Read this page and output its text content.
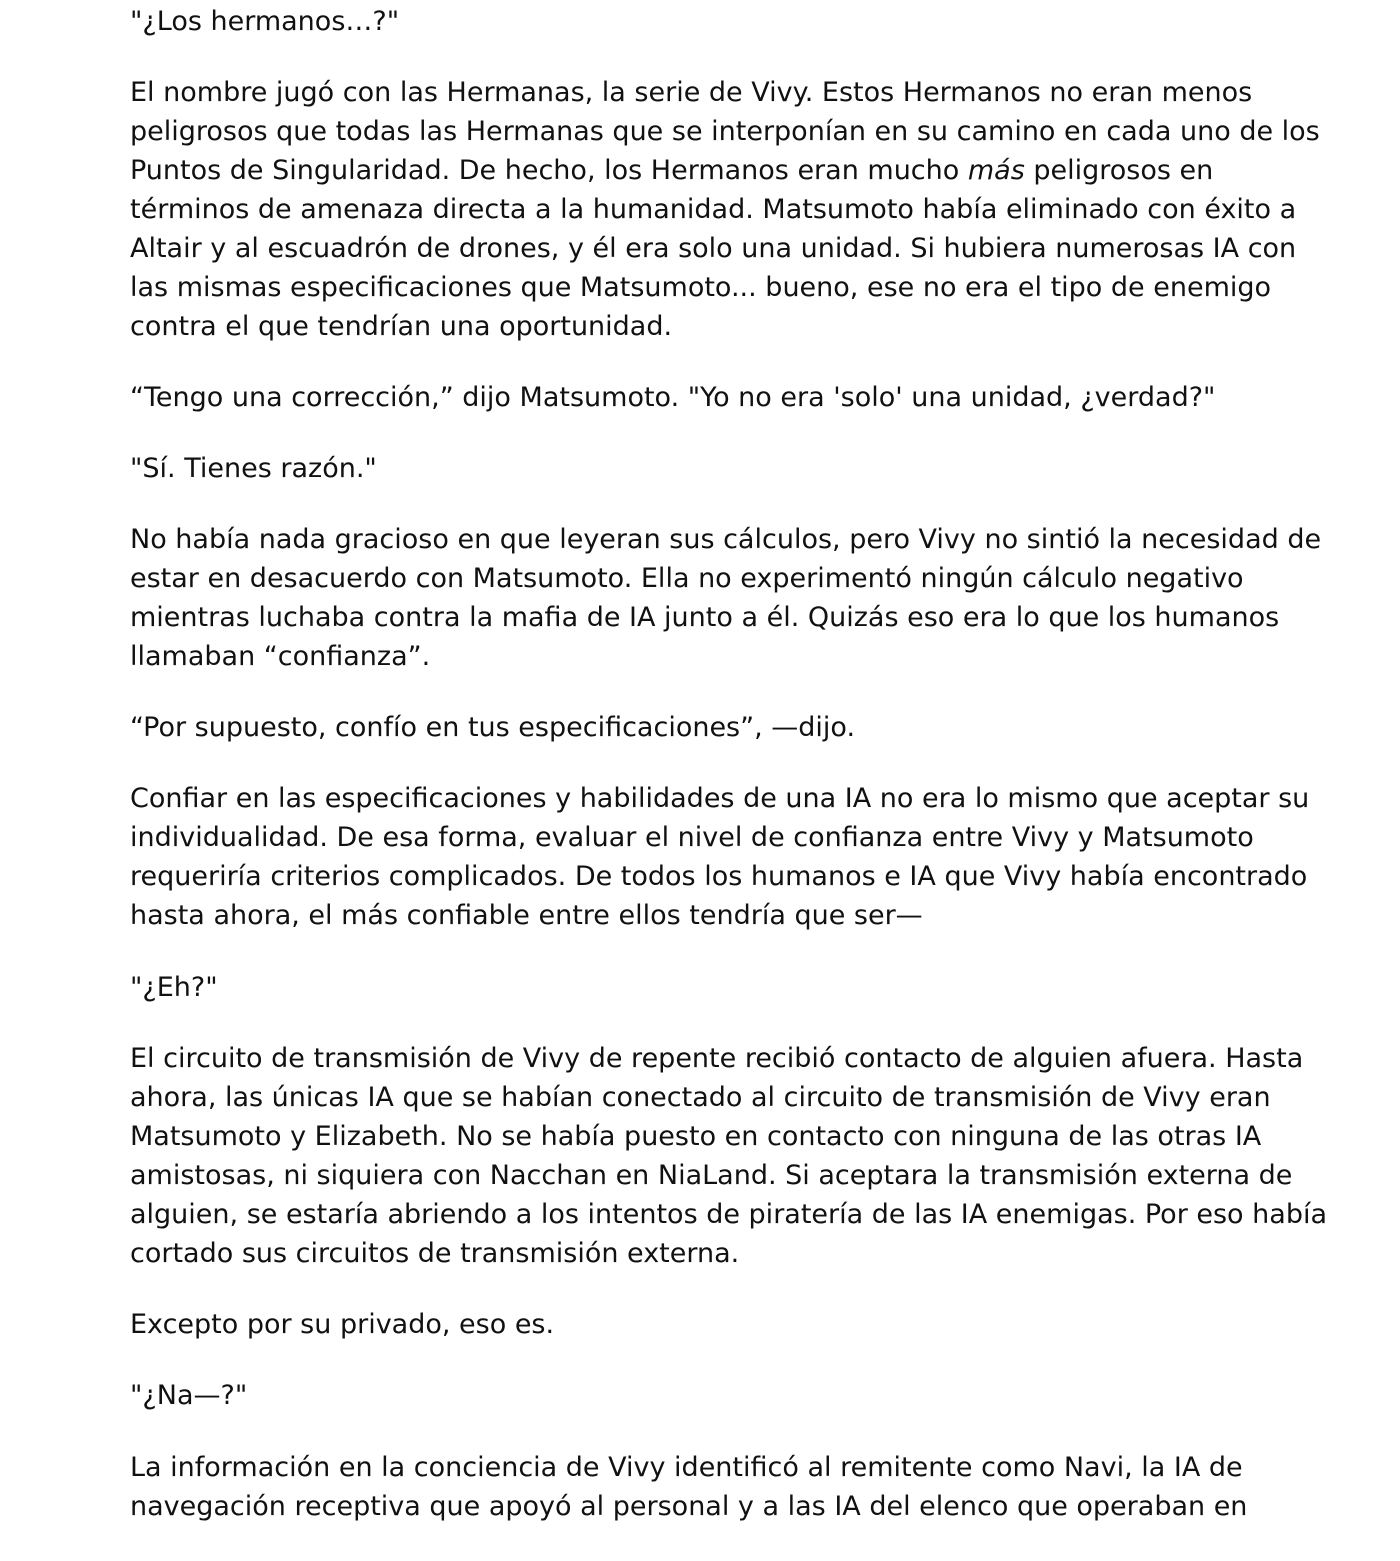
"¿Los hermanos…?"

El nombre jugó con las Hermanas, la serie de Vivy. Estos Hermanos no eran menos
peligrosos que todas las Hermanas que se interponían en su camino en cada uno de los
Puntos de Singularidad. De hecho, los Hermanos eran mucho más peligrosos en
términos de amenaza directa a la humanidad. Matsumoto había eliminado con éxito a
Altair y al escuadrón de drones, y él era solo una unidad. Si hubiera numerosas IA con
las mismas especificaciones que Matsumoto... bueno, ese no era el tipo de enemigo
contra el que tendrían una oportunidad.

“Tengo una corrección,” dijo Matsumoto. "Yo no era 'solo' una unidad, ¿verdad?"

"Sí. Tienes razón."

No había nada gracioso en que leyeran sus cálculos, pero Vivy no sintió la necesidad de
estar en desacuerdo con Matsumoto. Ella no experimentó ningún cálculo negativo
mientras luchaba contra la mafia de IA junto a él. Quizás eso era lo que los humanos
llamaban “confianza”.

“Por supuesto, confío en tus especificaciones”, —dijo.

Confiar en las especificaciones y habilidades de una IA no era lo mismo que aceptar su
individualidad. De esa forma, evaluar el nivel de confianza entre Vivy y Matsumoto
requeriría criterios complicados. De todos los humanos e IA que Vivy había encontrado
hasta ahora, el más confiable entre ellos tendría que ser—

"¿Eh?"

El circuito de transmisión de Vivy de repente recibió contacto de alguien afuera. Hasta
ahora, las únicas IA que se habían conectado al circuito de transmisión de Vivy eran
Matsumoto y Elizabeth. No se había puesto en contacto con ninguna de las otras IA
amistosas, ni siquiera con Nacchan en NiaLand. Si aceptara la transmisión externa de
alguien, se estaría abriendo a los intentos de piratería de las IA enemigas. Por eso había
cortado sus circuitos de transmisión externa.

Excepto por su privado, eso es.

"¿Na—?"

La información en la conciencia de Vivy identificó al remitente como Navi, la IA de
navegación receptiva que apoyó al personal y a las IA del elenco que operaban en
